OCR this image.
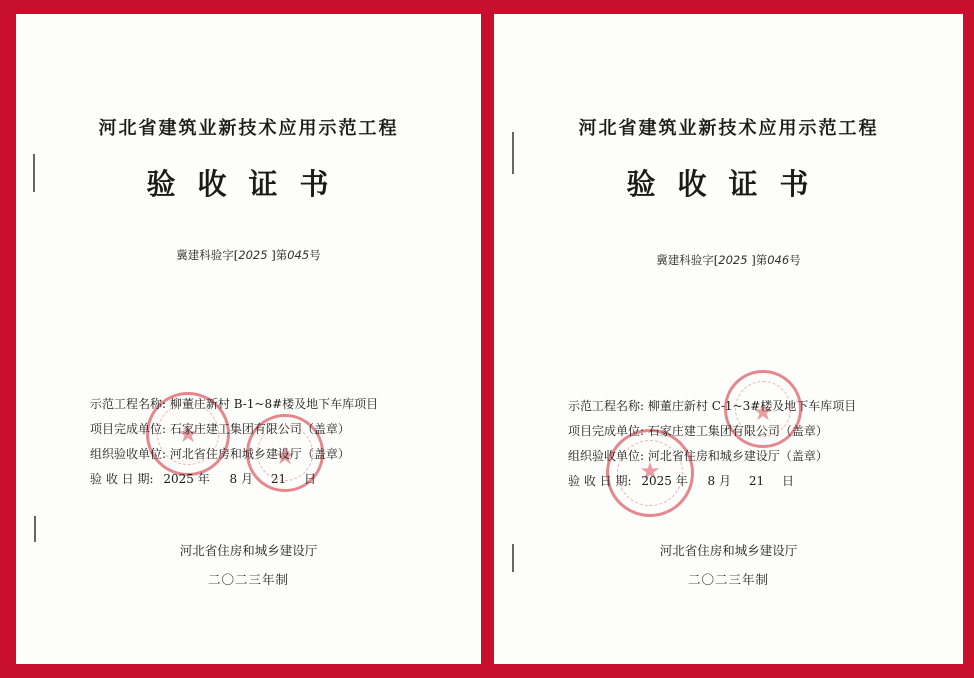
河北省建筑业新技术应用示范工程
验收证书
冀建科验字[2025 ]第045号
★
★
示范工程名称: 柳董庄新村 B-1~8#楼及地下车库项目
项目完成单位: 石家庄建工集团有限公司（盖章）
组织验收单位: 河北省住房和城乡建设厅（盖章）
验 收 日 期: 2025 年 8 月 21 日
河北省住房和城乡建设厅
二〇二三年制
河北省建筑业新技术应用示范工程
验收证书
冀建科验字[2025 ]第046号
★
★
示范工程名称: 柳董庄新村 C-1~3#楼及地下车库项目
项目完成单位: 石家庄建工集团有限公司（盖章）
组织验收单位: 河北省住房和城乡建设厅（盖章）
验 收 日 期: 2025 年 8 月 21 日
河北省住房和城乡建设厅
二〇二三年制
